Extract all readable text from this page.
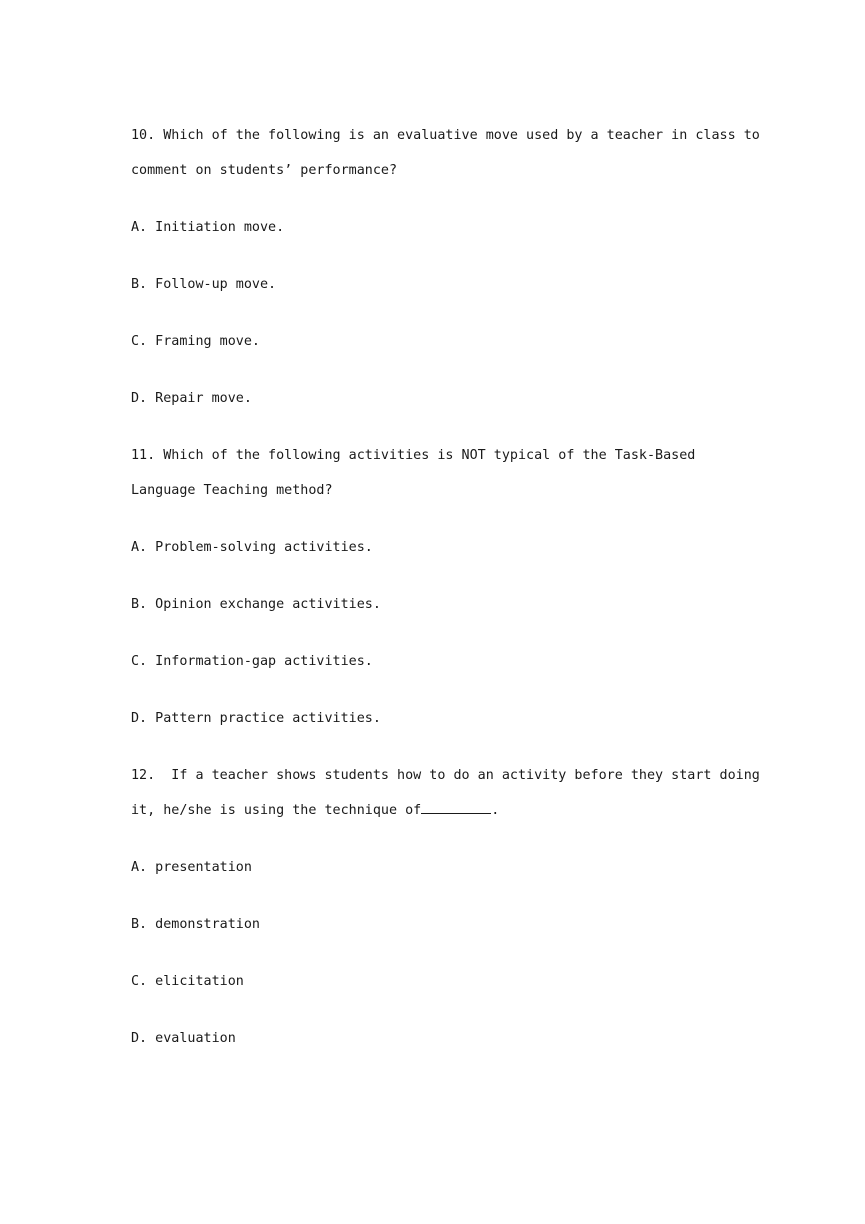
10. Which of the following is an evaluative move used by a teacher in class to

comment on students’ performance?

A. Initiation move.

B. Follow-up move.

C. Framing move.

D. Repair move.

11. Which of the following activities is NOT typical of the Task-Based

Language Teaching method?

A. Problem-solving activities.

B. Opinion exchange activities.

C. Information-gap activities.

D. Pattern practice activities.

12.  If a teacher shows students how to do an activity before they start doing

it, he/she is using the technique of	.

A. presentation

B. demonstration

C. elicitation

D. evaluation
